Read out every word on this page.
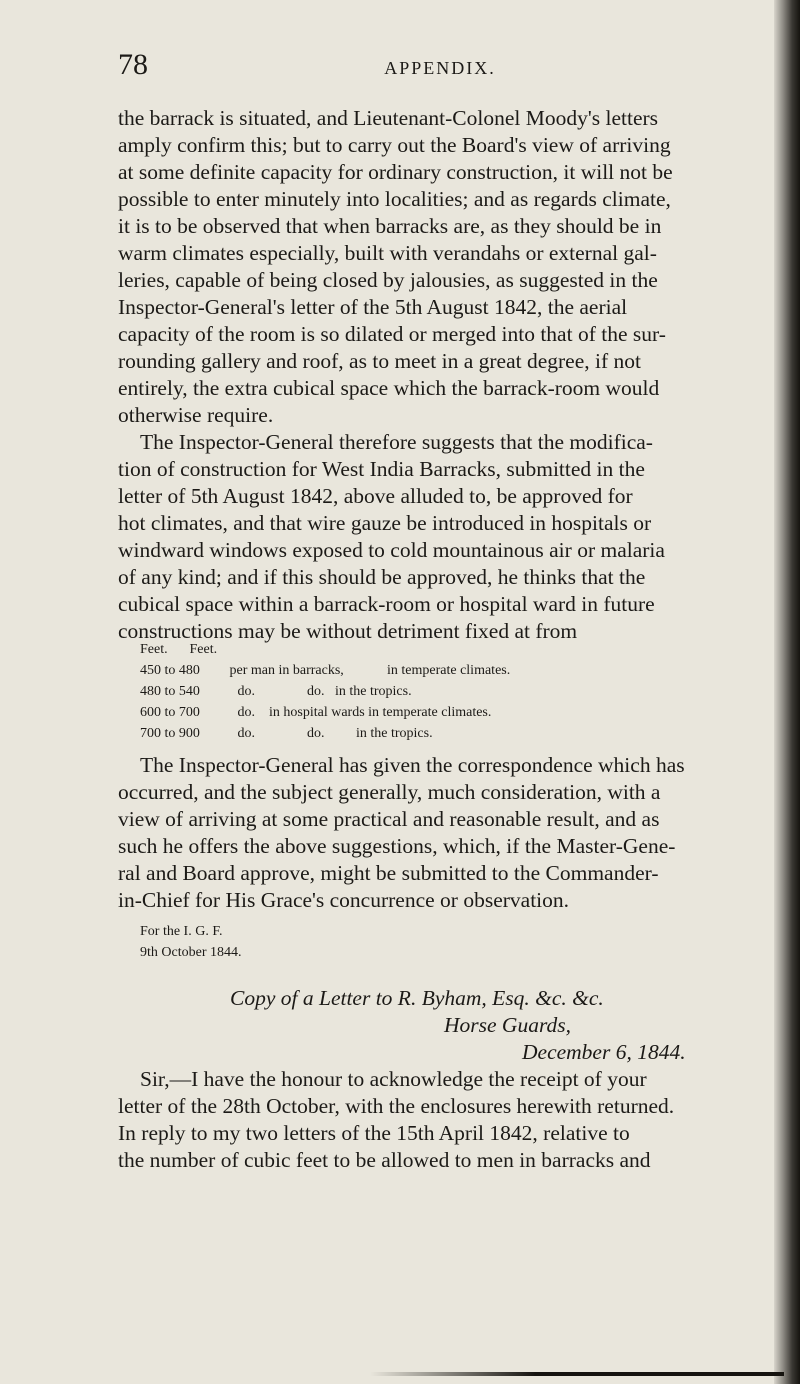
78	APPENDIX.
the barrack is situated, and Lieutenant-Colonel Moody's letters
amply confirm this; but to carry out the Board's view of arriving
at some definite capacity for ordinary construction, it will not be
possible to enter minutely into localities; and as regards climate,
it is to be observed that when barracks are, as they should be in
warm climates especially, built with verandahs or external gal-
leries, capable of being closed by jalousies, as suggested in the
Inspector-General's letter of the 5th August 1842, the aerial
capacity of the room is so dilated or merged into that of the sur-
rounding gallery and roof, as to meet in a great degree, if not
entirely, the extra cubical space which the barrack-room would
otherwise require.
The Inspector-General therefore suggests that the modifica-
tion of construction for West India Barracks, submitted in the
letter of 5th August 1842, above alluded to, be approved for
hot climates, and that wire gauze be introduced in hospitals or
windward windows exposed to cold mountainous air or malaria
of any kind; and if this should be approved, he thinks that the
cubical space within a barrack-room or hospital ward in future
constructions may be without detriment fixed at from
Feet. Feet.
450 to 480 per man in barracks,	in temperate climates.
480 to 540	do.	do.   in the tropics.
600 to 700	do. in hospital wards in temperate climates.
700 to 900	do.	do.         in the tropics.
The Inspector-General has given the correspondence which has
occurred, and the subject generally, much consideration, with a
view of arriving at some practical and reasonable result, and as
such he offers the above suggestions, which, if the Master-Gene-
ral and Board approve, might be submitted to the Commander-
in-Chief for His Grace's concurrence or observation.
For the I. G. F.
9th October 1844.
Copy of a Letter to R. Byham, Esq. &c. &c.
Horse Guards,
December 6, 1844.
Sir,—I have the honour to acknowledge the receipt of your
letter of the 28th October, with the enclosures herewith returned.
In reply to my two letters of the 15th April 1842, relative to
the number of cubic feet to be allowed to men in barracks and
